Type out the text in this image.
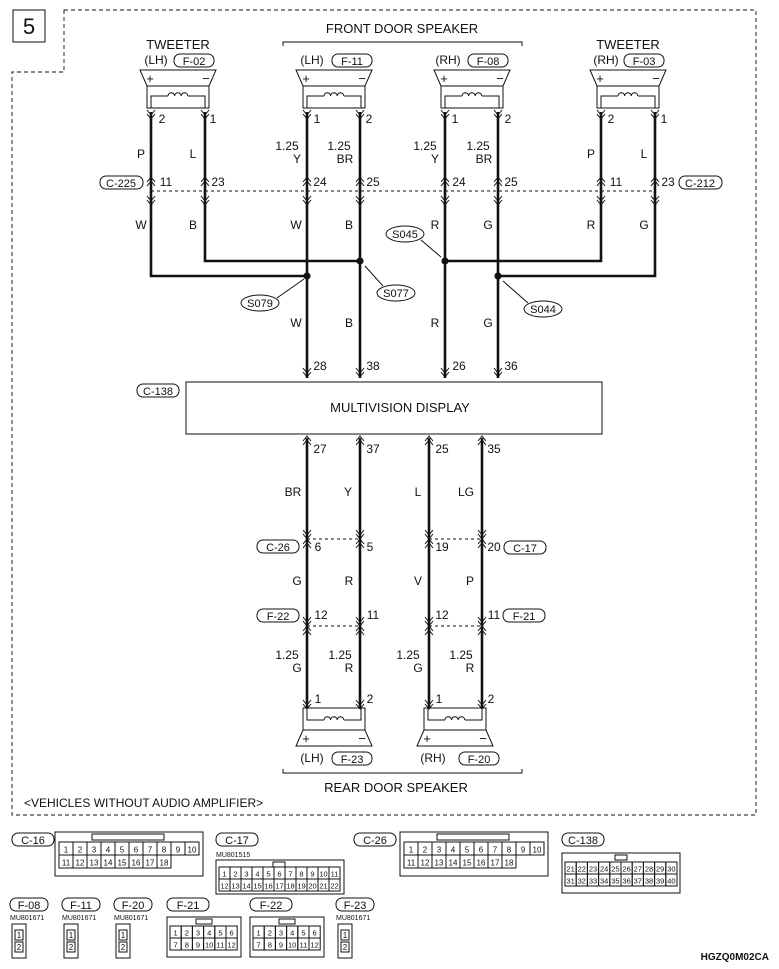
5	FRONT DOOR SPEAKER
TWEETER
(LH) F-02	(LH) F-11	(RH) F-08
TWEETER
(RH) F-03
+	−	+	−	+	−	+	−
C-225	C-212
2	1	1	2	1	2	2	1
P	L
1.25
Y
1.25
BR
1.25
Y
1.25
BR	P	L
11	23	24	25	24	25	11	23
W	B	W	B	R	G	R	G
S079
S077
S045
S044
W	B	R	G
28	38	26	36
MULTIVISION DISPLAY
C-138
C-26	C-17
F-22	F-21
27	37	25	35
BR	Y	L	LG
6	5	19	20
G	R	V	P
12	11	12	11
1.25
G
1.25
R
1.25
G
1.25
R
1	2	1	2
+	−	+	−
(LH) F-23	(RH) F-20
REAR DOOR SPEAKER
<VEHICLES WITHOUT AUDIO AMPLIFIER>
C-16
1 2 3 4 5 6 7 8 9 10
11 12 13 14 15 16 17 18
C-17
MU801515
1 2 3 4 5 6 7 8 9 10 11
12 13 14 15 16 17 18 19 20 21 22
C-26
1 2 3 4 5 6 7 8 9 10
11 12 13 14 15 16 17 18
C-138
21 22 23 24 25 26 27 28 29 30
31 32 33 34 35 36 37 38 39 40
F-08
MU801671
1
2
F-11
MU801671
1
2
F-20
MU801671
1
2
F-23
MU801671
1
2
F-21
1 2 3 4 5 6
7 8 9 10 11 12
F-22
1 2 3 4 5 6
7 8 9 10 11 12
HGZQ0M02CA
